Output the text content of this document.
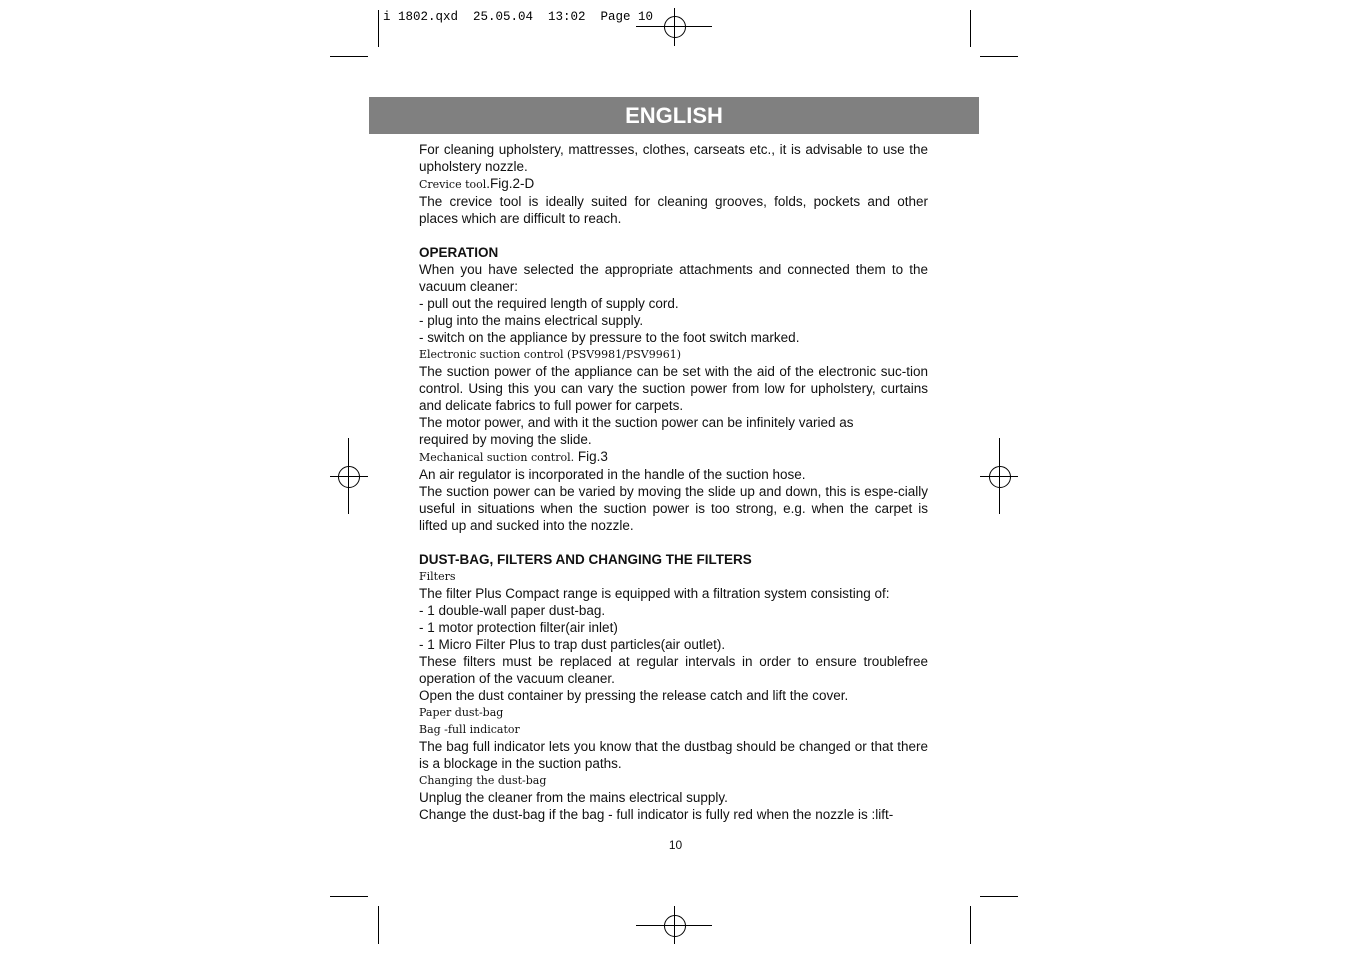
i 1802.qxd  25.05.04  13:02  Page 10
ENGLISH

For cleaning upholstery, mattresses, clothes, carseats etc., it is advisable to use the upholstery nozzle.

Crevice tool.Fig.2-D

The crevice tool is ideally suited for cleaning grooves, folds, pockets and other places which are difficult to reach.

OPERATION

When you have selected the appropriate attachments and connected them to the vacuum cleaner:

- pull out the required length of supply cord.

- plug into the mains electrical supply.

- switch on the appliance by pressure to the foot switch marked.

Electronic suction control (PSV9981/PSV9961)

The suction power of the appliance can be set with the aid of the electronic suc-tion control. Using this you can vary the suction power from low for upholstery, curtains and delicate fabrics to full power for carpets.

The motor power, and with it the suction power can be infinitely varied as

required by moving the slide.

Mechanical suction control. Fig.3

An air regulator is incorporated in the handle of the suction hose.

The suction power can be varied by moving the slide up and down, this is espe-cially useful in situations when the suction power is too strong, e.g. when the carpet is lifted up and sucked into the nozzle.

DUST-BAG, FILTERS AND CHANGING THE FILTERS

Filters

The filter Plus Compact range is equipped with a filtration system consisting of:

- 1 double-wall paper dust-bag.

- 1 motor protection filter(air inlet)

- 1 Micro Filter Plus to trap dust particles(air outlet).

These filters must be replaced at regular intervals in order to ensure troublefree operation of the vacuum cleaner.

Open the dust container by pressing the release catch and lift the cover.

Paper dust-bag

Bag -full indicator

The bag full indicator lets you know that the dustbag should be changed or that there is a blockage in the suction paths.

Changing the dust-bag

Unplug the cleaner from the mains electrical supply.

Change the dust-bag if the bag - full indicator is fully red when the nozzle is :lift-

10
